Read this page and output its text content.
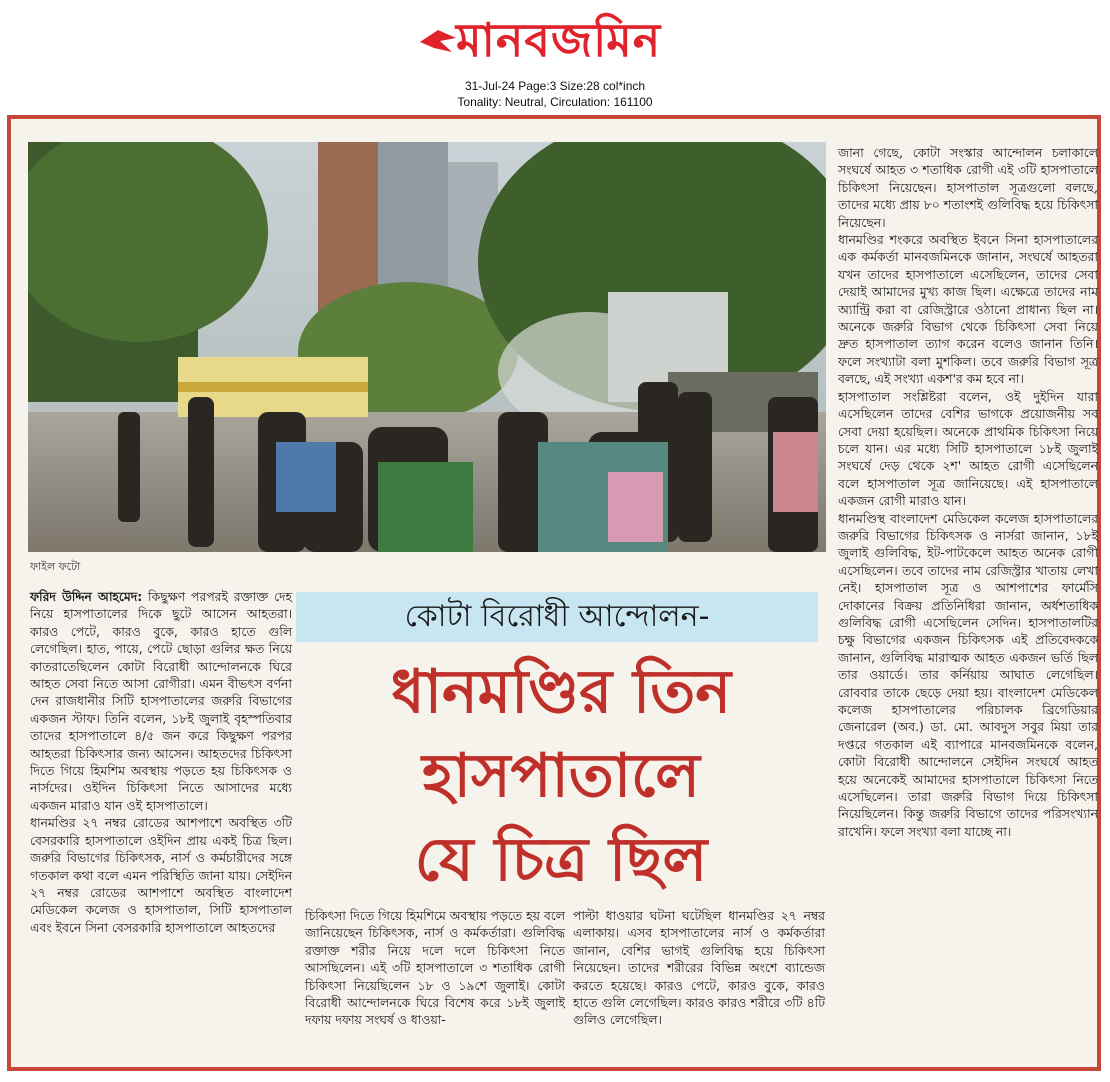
মানবজমিন
31-Jul-24 Page:3 Size:28 col*inch
Tonality: Neutral, Circulation: 161100
ফাইল ফটো

জানা গেছে, কোটা সংস্কার আন্দোলন চলাকালে সংঘর্ষে আহত ৩ শতাধিক রোগী এই ৩টি হাসপাতালে চিকিৎসা নিয়েছেন। হাসপাতাল সূত্রগুলো বলছে, তাদের মধ্যে প্রায় ৮০ শতাংশই গুলিবিদ্ধ হয়ে চিকিৎসা নিয়েছেন।

ধানমণ্ডির শংকরে অবস্থিত ইবনে সিনা হাসপাতালের এক কর্মকর্তা মানবজমিনকে জানান, সংঘর্ষে আহতরা যখন তাদের হাসপাতালে এসেছিলেন, তাদের সেবা দেয়াই আমাদের মুখ্য কাজ ছিল। এক্ষেত্রে তাদের নাম অ্যান্ট্রি করা বা রেজিস্ট্রারে ওঠানো প্রাধান্য ছিল না। অনেকে জরুরি বিভাগ থেকে চিকিৎসা সেবা নিয়ে দ্রুত হাসপাতাল ত্যাগ করেন বলেও জানান তিনি। ফলে সংখ্যাটা বলা মুশকিল। তবে জরুরি বিভাগ সূত্র বলছে, এই সংখ্যা একশ'র কম হবে না।

হাসপাতাল সংশ্লিষ্টরা বলেন, ওই দুইদিন যারা এসেছিলেন তাদের বেশির ভাগকে প্রয়োজনীয় সব সেবা দেয়া হয়েছিল। অনেকে প্রাথমিক চিকিৎসা নিয়ে চলে যান। এর মধ্যে সিটি হাসপাতালে ১৮ই জুলাই সংঘর্ষে দেড় থেকে ২শ' আহত রোগী এসেছিলেন বলে হাসপাতাল সূত্র জানিয়েছে। এই হাসপাতালে একজন রোগী মারাও যান।

ধানমণ্ডিস্থ বাংলাদেশ মেডিকেল কলেজ হাসপাতালের জরুরি বিভাগের চিকিৎসক ও নার্সরা জানান, ১৮ই জুলাই গুলিবিদ্ধ, ইট-পাটকেলে আহত অনেক রোগী এসেছিলেন। তবে তাদের নাম রেজিস্ট্রার খাতায় লেখা নেই। হাসপাতাল সূত্র ও আশপাশের ফার্মেসি দোকানের বিক্রয় প্রতিনিধিরা জানান, অর্ধশতাধিক গুলিবিদ্ধ রোগী এসেছিলেন সেদিন। হাসপাতালটির চক্ষু বিভাগের একজন চিকিৎসক এই প্রতিবেদককে জানান, গুলিবিদ্ধ মারাত্মক আহত একজন ভর্তি ছিল তার ওয়ার্ডে। তার কর্নিয়ায় আঘাত লেগেছিল। রোববার তাকে ছেড়ে দেয়া হয়। বাংলাদেশ মেডিকেল কলেজ হাসপাতালের পরিচালক ব্রিগেডিয়ার জেনারেল (অব.) ডা. মো. আবদুস সবুর মিয়া তার দপ্তরে গতকাল এই ব্যাপারে মানবজমিনকে বলেন, কোটা বিরোধী আন্দোলনে সেইদিন সংঘর্ষে আহত হয়ে অনেকেই আমাদের হাসপাতালে চিকিৎসা নিতে এসেছিলেন। তারা জরুরি বিভাগ দিয়ে চিকিৎসা নিয়েছিলেন। কিন্তু জরুরি বিভাগে তাদের পরিসংখ্যান রাখেনি। ফলে সংখ্যা বলা যাচ্ছে না।

ফরিদ উদ্দিন আহমেদ: কিছুক্ষণ পরপরই রক্তাক্ত দেহ নিয়ে হাসপাতালের দিকে ছুটে আসেন আহতরা। কারও পেটে, কারও বুকে, কারও হাতে গুলি লেগেছিল। হাত, পায়ে, পেটে ছোড়া গুলির ক্ষত নিয়ে কাতরাতেছিলেন কোটা বিরোধী আন্দোলনকে ঘিরে আহত সেবা নিতে আসা রোগীরা। এমন বীভৎস বর্ণনা দেন রাজধানীর সিটি হাসপাতালের জরুরি বিভাগের একজন স্টাফ। তিনি বলেন, ১৮ই জুলাই বৃহস্পতিবার তাদের হাসপাতালে ৪/৫ জন করে কিছুক্ষণ পরপর আহতরা চিকিৎসার জন্য আসেন। আহতদের চিকিৎসা দিতে গিয়ে হিমশিম অবস্থায় পড়তে হয় চিকিৎসক ও নার্সদের। ওইদিন চিকিৎসা নিতে আসাদের মধ্যে একজন মারাও যান ওই হাসপাতালে।

ধানমণ্ডির ২৭ নম্বর রোডের আশপাশে অবস্থিত ৩টি বেসরকারি হাসপাতালে ওইদিন প্রায় একই চিত্র ছিল। জরুরি বিভাগের চিকিৎসক, নার্স ও কর্মচারীদের সঙ্গে গতকাল কথা বলে এমন পরিস্থিতি জানা যায়। সেইদিন ২৭ নম্বর রোডের আশপাশে অবস্থিত বাংলাদেশ মেডিকেল কলেজ ও হাসপাতাল, সিটি হাসপাতাল এবং ইবনে সিনা বেসরকারি হাসপাতালে আহতদের

কোটা বিরোধী আন্দোলন-
ধানমণ্ডির তিন
হাসপাতালে
যে চিত্র ছিল

চিকিৎসা দিতে গিয়ে হিমশিমে অবস্থায় পড়তে হয় বলে জানিয়েছেন চিকিৎসক, নার্স ও কর্মকর্তারা। গুলিবিদ্ধ রক্তাক্ত শরীর নিয়ে দলে দলে চিকিৎসা নিতে আসছিলেন। এই ৩টি হাসপাতালে ৩ শতাধিক রোগী চিকিৎসা নিয়েছিলেন ১৮ ও ১৯শে জুলাই। কোটা বিরোধী আন্দোলনকে ঘিরে বিশেষ করে ১৮ই জুলাই দফায় দফায় সংঘর্ষ ও ধাওয়া-

পাল্টা ধাওয়ার ঘটনা ঘটেছিল ধানমণ্ডির ২৭ নম্বর এলাকায়। এসব হাসপাতালের নার্স ও কর্মকর্তারা জানান, বেশির ভাগই গুলিবিদ্ধ হয়ে চিকিৎসা নিয়েছেন। তাদের শরীরের বিভিন্ন অংশে ব্যান্ডেজ করতে হয়েছে। কারও পেটে, কারও বুকে, কারও হাতে গুলি লেগেছিল। কারও কারও শরীরে ৩টি ৪টি গুলিও লেগেছিল।
